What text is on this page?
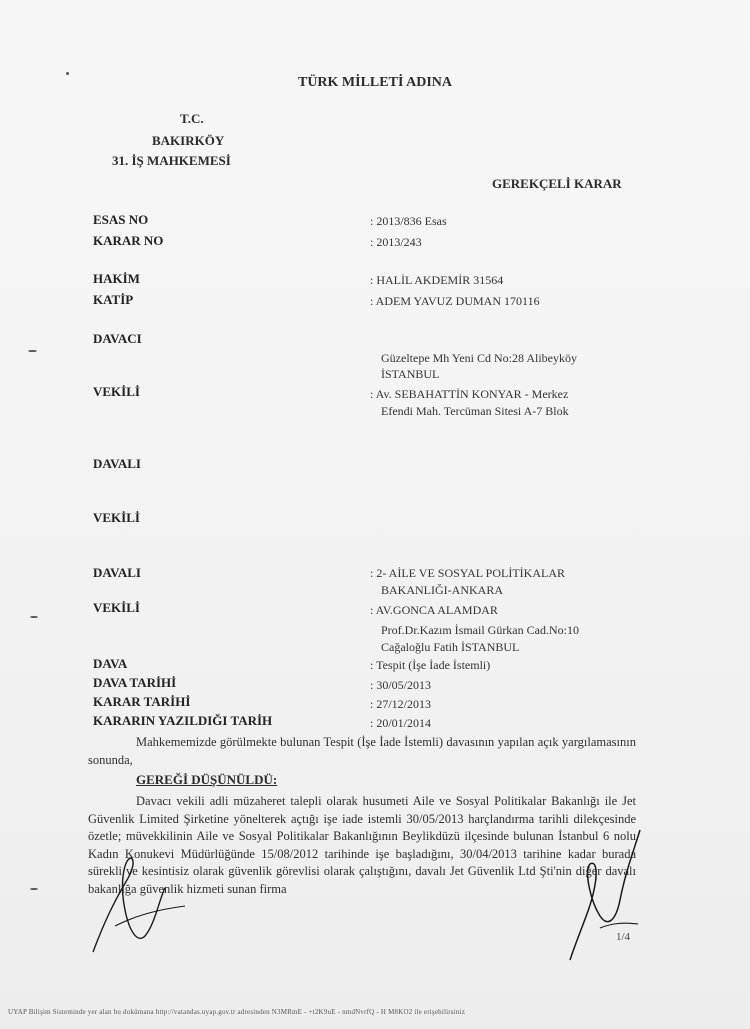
TÜRK MİLLETİ ADINA
T.C.
BAKIRKÖY
31. İŞ MAHKEMESİ
GEREKÇELİ KARAR
ESAS NO	: 2013/836 Esas
KARAR NO	: 2013/243
HAKİM	: HALİL AKDEMİR 31564
KATİP	: ADEM YAVUZ DUMAN 170116
DAVACI
Güzeltepe Mh Yeni Cd No:28 Alibeyköy
İSTANBUL
VEKİLİ	: Av. SEBAHATTİN KONYAR - Merkez
Efendi Mah. Tercüman Sitesi A-7 Blok
DAVALI
VEKİLİ
DAVALI	: 2- AİLE VE SOSYAL POLİTİKALAR
BAKANLIĞI-ANKARA
VEKİLİ	: AV.GONCA ALAMDAR
Prof.Dr.Kazım İsmail Gürkan Cad.No:10
Cağaloğlu Fatih İSTANBUL
DAVA	: Tespit (İşe İade İstemli)
DAVA TARİHİ	: 30/05/2013
KARAR TARİHİ	: 27/12/2013
KARARIN YAZILDIĞI TARİH	: 20/01/2014
Mahkememizde görülmekte bulunan Tespit (İşe İade İstemli) davasının yapılan açık yargılamasının sonunda,
GEREĞİ DÜŞÜNÜLDÜ:
Davacı vekili adli müzaheret talepli olarak husumeti Aile ve Sosyal Politikalar Bakanlığı ile Jet Güvenlik Limited Şirketine yönelterek açtığı işe iade istemli 30/05/2013 harçlandırma tarihli dilekçesinde özetle; müvekkilinin Aile ve Sosyal Politikalar Bakanlığının Beylikdüzü ilçesinde bulunan İstanbul 6 nolu Kadın Konukevi Müdürlüğünde 15/08/2012 tarihinde işe başladığını, 30/04/2013 tarihine kadar burada sürekli ve kesintisiz olarak güvenlik görevlisi olarak çalıştığını, davalı Jet Güvenlik Ltd Şti'nin diğer davalı bakanlığa güvenlik hizmeti sunan firma
1/4
UYAP Bilişim Sisteminde yer alan bu dokümana http://vatandas.uyap.gov.tr adresinden N3MRmE - +t2K9uE - nmdNvrfQ - H M8KO2 ile erişebilirsiniz
